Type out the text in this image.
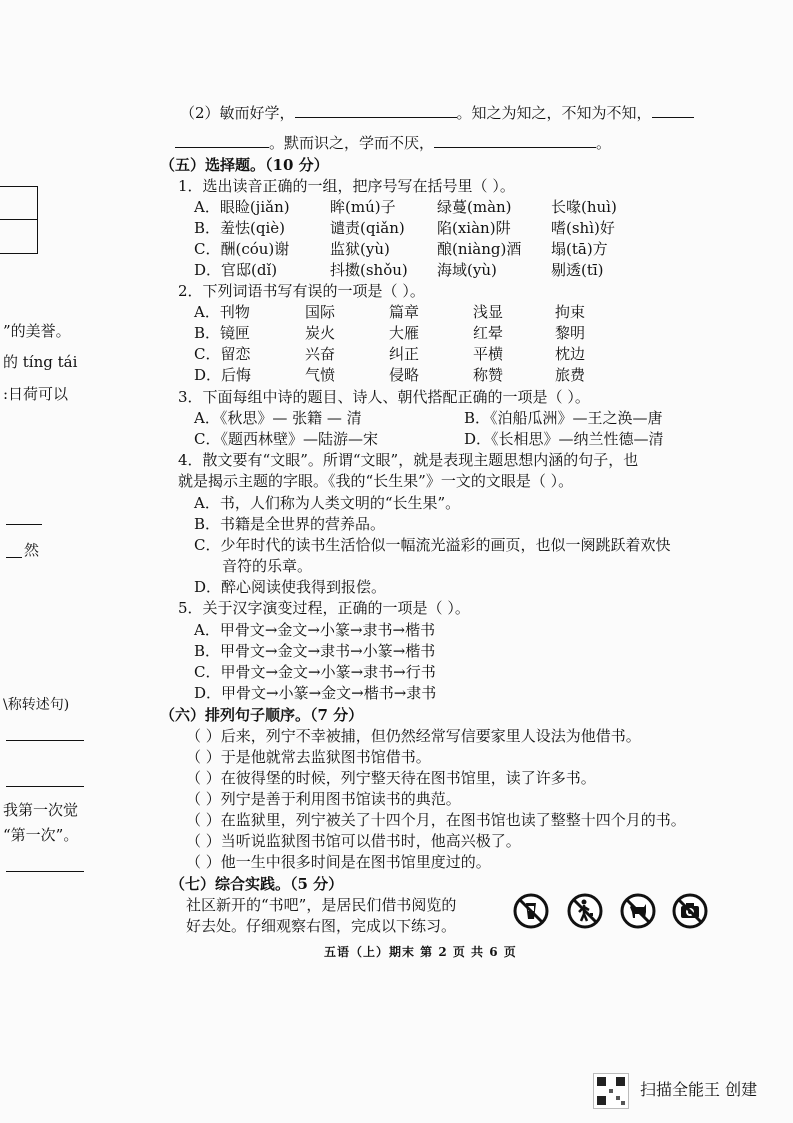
”的美誉。
的 tíng tái
:日荷可以
然
\称转述句)
我第一次觉
“第一次”。
（2）敏而好学，	。知之为知之，不知为不知，
。默而识之，学而不厌，	。
（五）选择题。（10 分）
1．选出读音正确的一组，把序号写在括号里（ ）。
A．眼睑(jiǎn)	眸(mú)子	绿蔓(màn)	长喙(huì)
B．羞怯(qiè)	谴责(qiǎn) 陷(xiàn)阱	嗜(shì)好
C．酬(cóu)谢	监狱(yù)	酿(niàng)酒 塌(tā)方
D．官邸(dǐ)	抖擞(shǒu) 海域(yù)	剔透(tī)
2．下列词语书写有误的一项是（ ）。
A．刊物	国际	篇章	浅显	拘束
B．镜匣	炭火	大雁	红晕	黎明
C．留恋	兴奋	纠正	平横	枕边
D．后悔	气愤	侵略	称赞	旅费
3．下面每组中诗的题目、诗人、朝代搭配正确的一项是（ ）。
A．《秋思》— 张籍 — 清	B．《泊船瓜洲》—王之涣—唐
C．《题西林壁》—陆游—宋	D．《长相思》—纳兰性德—清
4．散文要有“文眼”。所谓“文眼”，就是表现主题思想内涵的句子，也
就是揭示主题的字眼。《我的“长生果”》一文的文眼是（ ）。
A．书，人们称为人类文明的“长生果”。
B．书籍是全世界的营养品。
C．少年时代的读书生活恰似一幅流光溢彩的画页，也似一阕跳跃着欢快
音符的乐章。
D．醉心阅读使我得到报偿。
5．关于汉字演变过程，正确的一项是（ ）。
A．甲骨文→金文→小篆→隶书→楷书
B．甲骨文→金文→隶书→小篆→楷书
C．甲骨文→金文→小篆→隶书→行书
D．甲骨文→小篆→金文→楷书→隶书
（六）排列句子顺序。（7 分）
（ ）后来，列宁不幸被捕，但仍然经常写信要家里人设法为他借书。
（ ）于是他就常去监狱图书馆借书。
（ ）在彼得堡的时候，列宁整天待在图书馆里，读了许多书。
（ ）列宁是善于利用图书馆读书的典范。
（ ）在监狱里，列宁被关了十四个月，在图书馆也读了整整十四个月的书。
（ ）当听说监狱图书馆可以借书时，他高兴极了。
（ ）他一生中很多时间是在图书馆里度过的。
（七）综合实践。（5 分）
社区新开的“书吧”，是居民们借书阅览的
好去处。仔细观察右图，完成以下练习。
五语（上）期末 第 2 页 共 6 页
扫描全能王 创建
